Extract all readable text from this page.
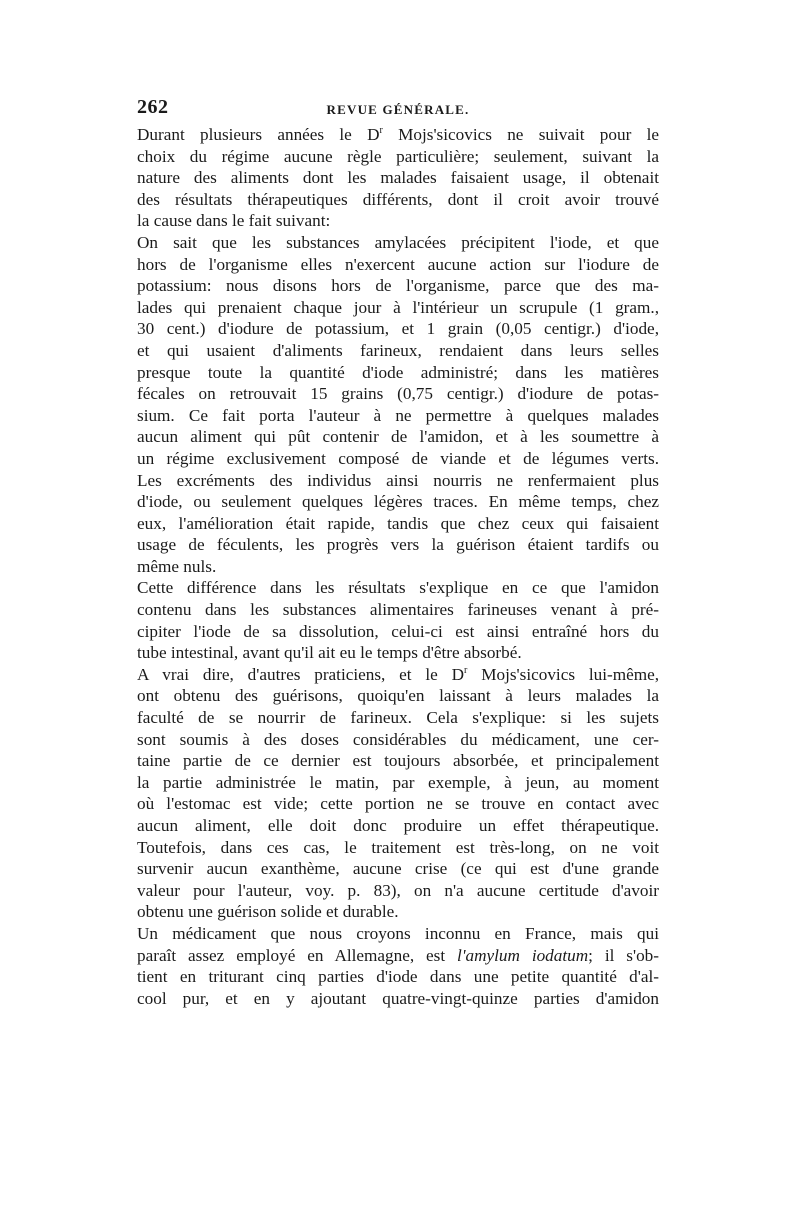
262	REVUE GÉNÉRALE.

Durant plusieurs années le $D^r$ Mojs'sicovics ne suivait pour le
choix du régime aucune règle particulière; seulement, suivant la
nature des aliments dont les malades faisaient usage, il obtenait
des résultats thérapeutiques différents, dont il croit avoir trouvé
la cause dans le fait suivant:

On sait que les substances amylacées précipitent l'iode, et que
hors de l'organisme elles n'exercent aucune action sur l'iodure de
potassium: nous disons hors de l'organisme, parce que des ma-
lades qui prenaient chaque jour à l'intérieur un scrupule (1 gram.,
30 cent.) d'iodure de potassium, et 1 grain (0,05 centigr.) d'iode,
et qui usaient d'aliments farineux, rendaient dans leurs selles
presque toute la quantité d'iode administré; dans les matières
fécales on retrouvait 15 grains (0,75 centigr.) d'iodure de potas-
sium. Ce fait porta l'auteur à ne permettre à quelques malades
aucun aliment qui pût contenir de l'amidon, et à les soumettre à
un régime exclusivement composé de viande et de légumes verts.
Les excréments des individus ainsi nourris ne renfermaient plus
d'iode, ou seulement quelques légères traces. En même temps, chez
eux, l'amélioration était rapide, tandis que chez ceux qui faisaient
usage de féculents, les progrès vers la guérison étaient tardifs ou
même nuls.

Cette différence dans les résultats s'explique en ce que l'amidon
contenu dans les substances alimentaires farineuses venant à pré-
cipiter l'iode de sa dissolution, celui-ci est ainsi entraîné hors du
tube intestinal, avant qu'il ait eu le temps d'être absorbé.

A vrai dire, d'autres praticiens, et le $D^r$ Mojs'sicovics lui-même,
ont obtenu des guérisons, quoiqu'en laissant à leurs malades la
faculté de se nourrir de farineux. Cela s'explique: si les sujets
sont soumis à des doses considérables du médicament, une cer-
taine partie de ce dernier est toujours absorbée, et principalement
la partie administrée le matin, par exemple, à jeun, au moment
où l'estomac est vide; cette portion ne se trouve en contact avec
aucun aliment, elle doit donc produire un effet thérapeutique.
Toutefois, dans ces cas, le traitement est très-long, on ne voit
survenir aucun exanthème, aucune crise (ce qui est d'une grande
valeur pour l'auteur, voy. p. 83), on n'a aucune certitude d'avoir
obtenu une guérison solide et durable.

Un médicament que nous croyons inconnu en France, mais qui
paraît assez employé en Allemagne, est l'amylum iodatum; il s'ob-
tient en triturant cinq parties d'iode dans une petite quantité d'al-
cool pur, et en y ajoutant quatre-vingt-quinze parties d'amidon
